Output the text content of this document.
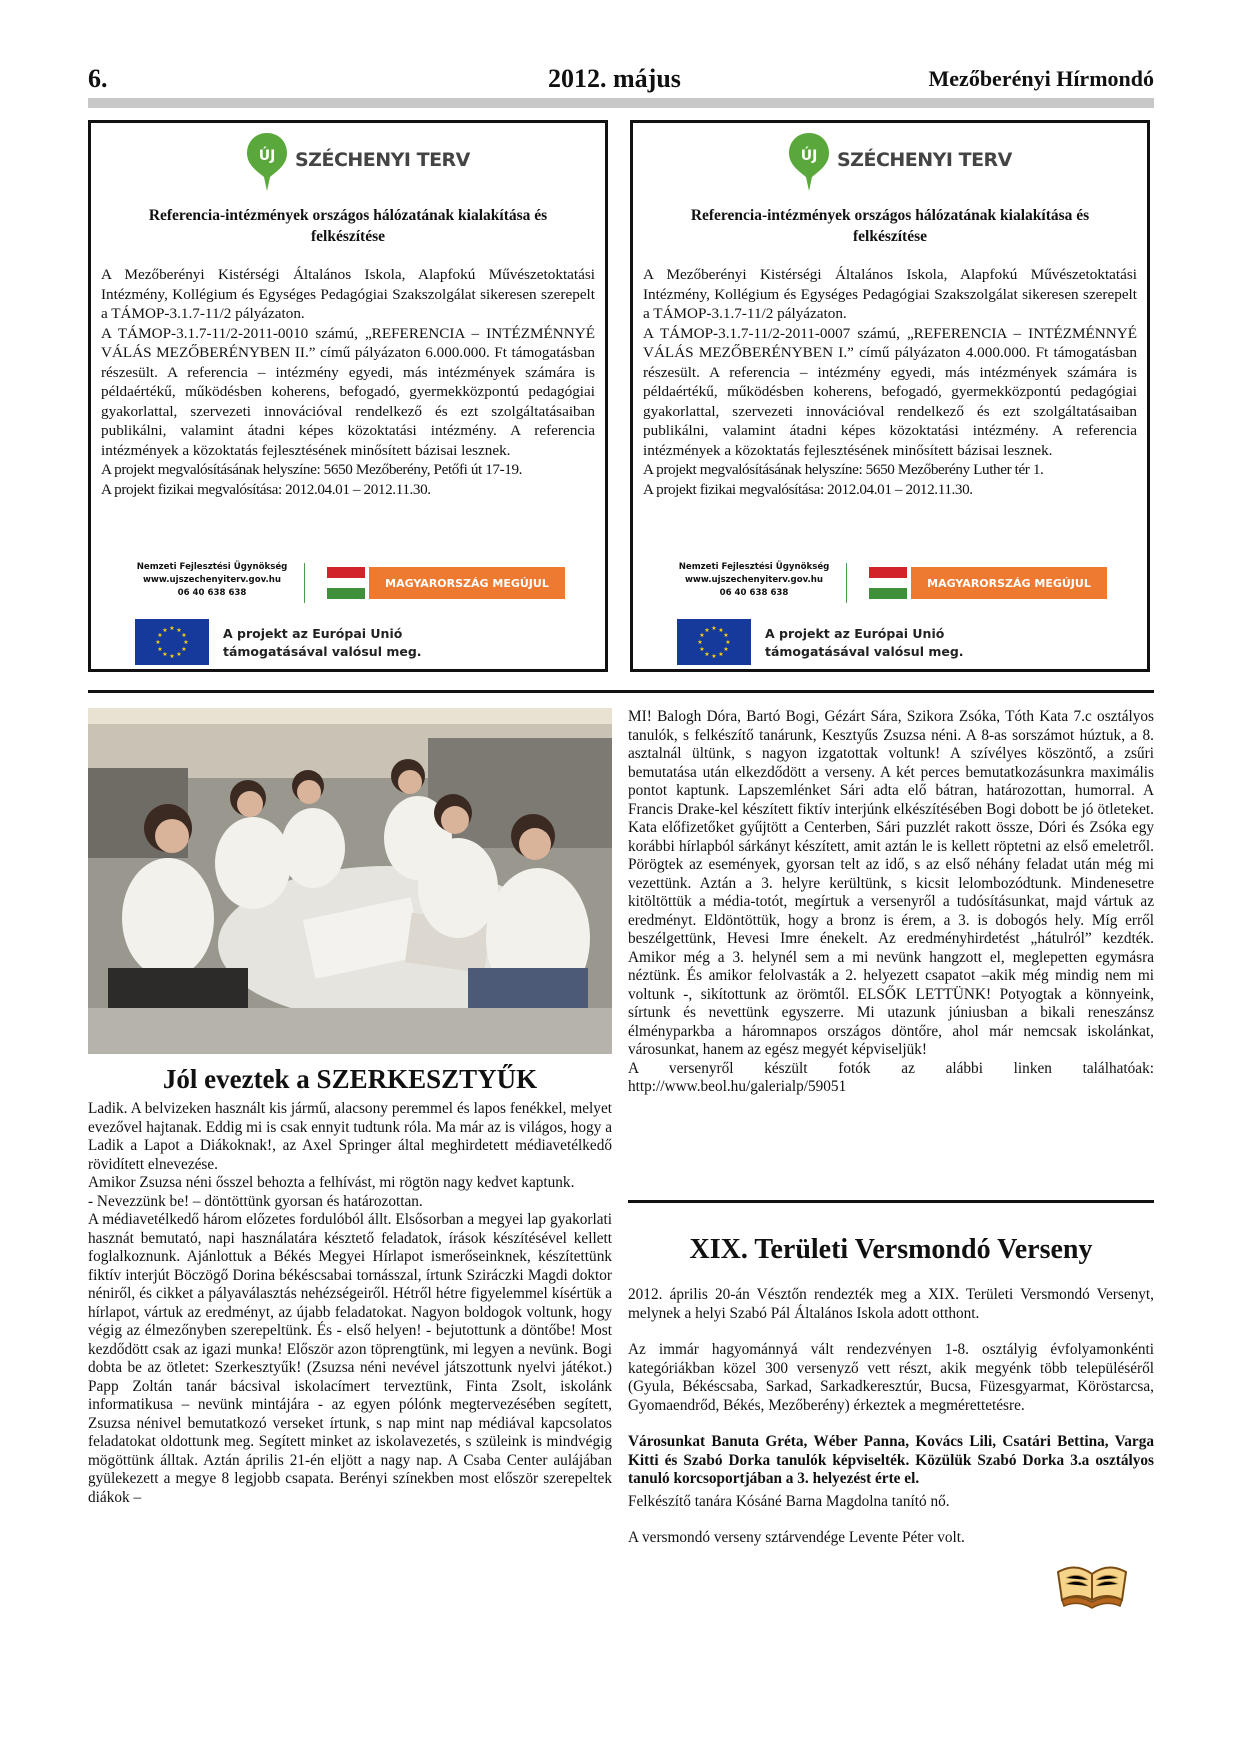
6.	2012. május	Mezőberényi Hírmondó
ÚJ SZÉCHENYI TERV
Referencia-intézmények országos hálózatának kialakítása és felkészítése

A Mezőberényi Kistérségi Általános Iskola, Alapfokú Művészetoktatási Intézmény, Kollégium és Egységes Pedagógiai Szakszolgálat sikeresen szerepelt a TÁMOP-3.1.7-11/2 pályázaton.

A TÁMOP-3.1.7-11/2-2011-0010 számú, „REFERENCIA – INTÉZMÉNNYÉ VÁLÁS MEZŐBERÉNYBEN II.” című pályázaton 6.000.000. Ft támogatásban részesült. A referencia – intézmény egyedi, más intézmények számára is példaértékű, működésben koherens, befogadó, gyermekközpontú pedagógiai gyakorlattal, szervezeti innovációval rendelkező és ezt szolgáltatásaiban publikálni, valamint átadni képes közoktatási intézmény. A referencia intézmények a közoktatás fejlesztésének minősített bázisai lesznek.

A projekt megvalósításának helyszíne: 5650 Mezőberény, Petőfi út 17-19.

A projekt fizikai megvalósítása: 2012.04.01 – 2012.11.30.

Nemzeti Fejlesztési Ügynökség
www.ujszechenyiterv.gov.hu
06 40 638 638
MAGYARORSZÁG MEGÚJUL
★ ★
★
★
★
★
★
★
★
★
★
★	A projekt az Európai Unió
támogatásával valósul meg.
ÚJ SZÉCHENYI TERV
Referencia-intézmények országos hálózatának kialakítása és felkészítése

A Mezőberényi Kistérségi Általános Iskola, Alapfokú Művészetoktatási Intézmény, Kollégium és Egységes Pedagógiai Szakszolgálat sikeresen szerepelt a TÁMOP-3.1.7-11/2 pályázaton.

A TÁMOP-3.1.7-11/2-2011-0007 számú, „REFERENCIA – INTÉZMÉNNYÉ VÁLÁS MEZŐBERÉNYBEN I.” című pályázaton 4.000.000. Ft támogatásban részesült. A referencia – intézmény egyedi, más intézmények számára is példaértékű, működésben koherens, befogadó, gyermekközpontú pedagógiai gyakorlattal, szervezeti innovációval rendelkező és ezt szolgáltatásaiban publikálni, valamint átadni képes közoktatási intézmény. A referencia intézmények a közoktatás fejlesztésének minősített bázisai lesznek.

A projekt megvalósításának helyszíne: 5650 Mezőberény Luther tér 1.

A projekt fizikai megvalósítása: 2012.04.01 – 2012.11.30.

Nemzeti Fejlesztési Ügynökség
www.ujszechenyiterv.gov.hu
06 40 638 638
MAGYARORSZÁG MEGÚJUL
★ ★
★
★
★
★
★
★
★
★
★
★	A projekt az Európai Unió
támogatásával valósul meg.
Jól eveztek a SZERKESZTYŰK

Ladik. A belvizeken használt kis jármű, alacsony peremmel és lapos fenékkel, melyet evezővel hajtanak. Eddig mi is csak ennyit tudtunk róla. Ma már az is világos, hogy a Ladik a Lapot a Diákoknak!, az Axel Springer által meghirdetett médiavetélkedő rövidített elnevezése.

Amikor Zsuzsa néni ősszel behozta a felhívást, mi rögtön nagy kedvet kaptunk.

- Nevezzünk be! – döntöttünk gyorsan és határozottan.

A médiavetélkedő három előzetes fordulóból állt. Elsősorban a megyei lap gyakorlati hasznát bemutató, napi használatára késztető feladatok, írások készítésével kellett foglalkoznunk. Ajánlottuk a Békés Megyei Hírlapot ismerőseinknek, készítettünk fiktív interjút Böczögő Dorina békéscsabai tornásszal, írtunk Sziráczki Magdi doktor néniről, és cikket a pályaválasztás nehézségeiről. Hétről hétre figyelemmel kísértük a hírlapot, vártuk az eredményt, az újabb feladatokat. Nagyon boldogok voltunk, hogy végig az élmezőnyben szerepeltünk. És - első helyen! - bejutottunk a döntőbe! Most kezdődött csak az igazi munka! Először azon töprengtünk, mi legyen a nevünk. Bogi dobta be az ötletet: Szerkesztyűk! (Zsuzsa néni nevével játszottunk nyelvi játékot.) Papp Zoltán tanár bácsival iskolacímert terveztünk, Finta Zsolt, iskolánk informatikusa – nevünk mintájára - az egyen pólónk megtervezésében segített, Zsuzsa nénivel bemutatkozó verseket írtunk, s nap mint nap médiával kapcsolatos feladatokat oldottunk meg. Segített minket az iskolavezetés, s szüleink is mindvégig mögöttünk álltak. Aztán április 21-én eljött a nagy nap. A Csaba Center aulájában gyülekezett a megye 8 legjobb csapata. Berényi színekben most először szerepeltek diákok –

MI! Balogh Dóra, Bartó Bogi, Gézárt Sára, Szikora Zsóka, Tóth Kata 7.c osztályos tanulók, s felkészítő tanárunk, Kesztyűs Zsuzsa néni. A 8-as sorszámot húztuk, a 8. asztalnál ültünk, s nagyon izgatottak voltunk! A szívélyes köszöntő, a zsűri bemutatása után elkezdődött a verseny. A két perces bemutatkozásunkra maximális pontot kaptunk. Lapszemlénket Sári adta elő bátran, határozottan, humorral. A Francis Drake-kel készített fiktív interjúnk elkészítésében Bogi dobott be jó ötleteket. Kata előfizetőket gyűjtött a Centerben, Sári puzzlét rakott össze, Dóri és Zsóka egy korábbi hírlapból sárkányt készített, amit aztán le is kellett röptetni az első emeletről. Pörögtek az események, gyorsan telt az idő, s az első néhány feladat után még mi vezettünk. Aztán a 3. helyre kerültünk, s kicsit lelombozódtunk. Mindenesetre kitöltöttük a média-totót, megírtuk a versenyről a tudósításunkat, majd vártuk az eredményt. Eldöntöttük, hogy a bronz is érem, a 3. is dobogós hely. Míg erről beszélgettünk, Hevesi Imre énekelt. Az eredményhirdetést „hátulról” kezdték. Amikor még a 3. helynél sem a mi nevünk hangzott el, meglepetten egymásra néztünk. És amikor felolvasták a 2. helyezett csapatot –akik még mindig nem mi voltunk -, sikítottunk az örömtől. ELSŐK LETTÜNK! Potyogtak a könnyeink, sírtunk és nevettünk egyszerre. Mi utazunk júniusban a bikali reneszánsz élményparkba a háromnapos országos döntőre, ahol már nemcsak iskolánkat, városunkat, hanem az egész megyét képviseljük!

A versenyről készült fotók az alábbi linken találhatóak: http://www.beol.hu/galerialp/59051

XIX. Területi Versmondó Verseny

2012. április 20-án Vésztőn rendezték meg a XIX. Területi Versmondó Versenyt, melynek a helyi Szabó Pál Általános Iskola adott otthont.

Az immár hagyománnyá vált rendezvényen 1-8. osztályig évfolyamonkénti kategóriákban közel 300 versenyző vett részt, akik megyénk több településéről (Gyula, Békéscsaba, Sarkad, Sarkadkeresztúr, Bucsa, Füzesgyarmat, Köröstarcsa, Gyomaendrőd, Békés, Mezőberény) érkeztek a megmérettetésre.

Városunkat Banuta Gréta, Wéber Panna, Kovács Lili, Csatári Bettina, Varga Kitti és Szabó Dorka tanulók képviselték. Közülük Szabó Dorka 3.a osztályos tanuló korcsoportjában a 3. helyezést érte el.

Felkészítő tanára Kósáné Barna Magdolna tanító nő.

A versmondó verseny sztárvendége Levente Péter volt.
